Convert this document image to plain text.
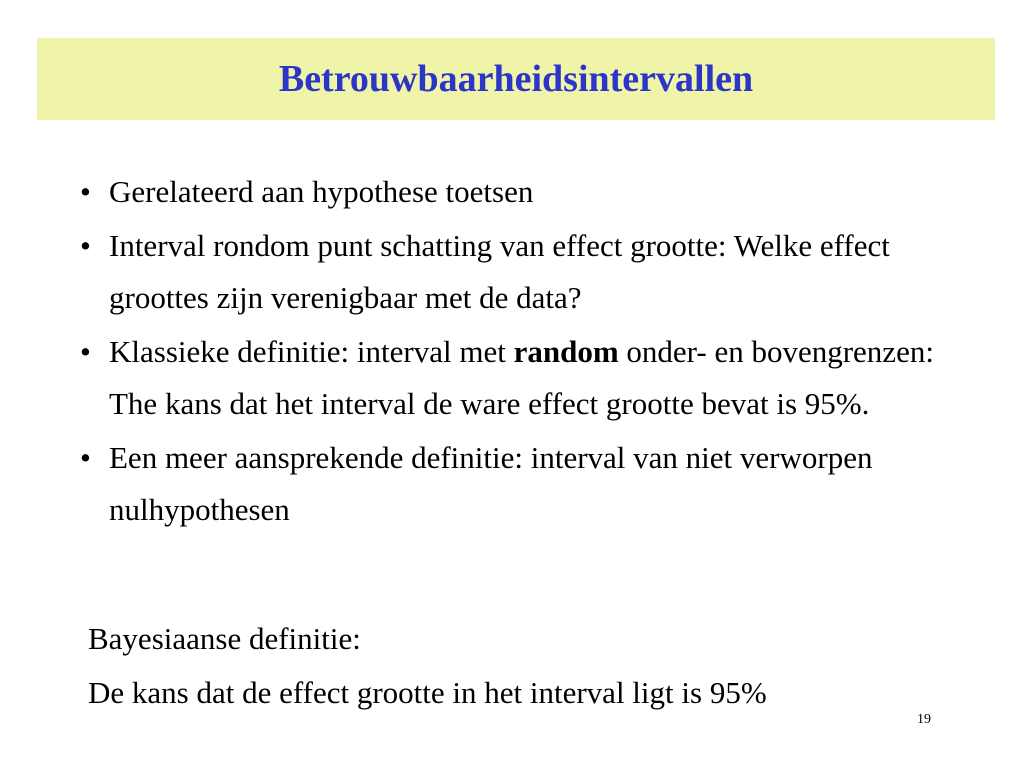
Betrouwbaarheidsintervallen
• Gerelateerd aan hypothese toetsen
• Interval rondom punt schatting van effect grootte: Welke effect groottes zijn verenigbaar met de data?
• Klassieke definitie: interval met random onder- en bovengrenzen: The kans dat het interval de ware effect grootte bevat is 95%.
• Een meer aansprekende definitie: interval van niet verworpen nulhypothesen
Bayesiaanse definitie:
De kans dat de effect grootte in het interval ligt is 95%
19
